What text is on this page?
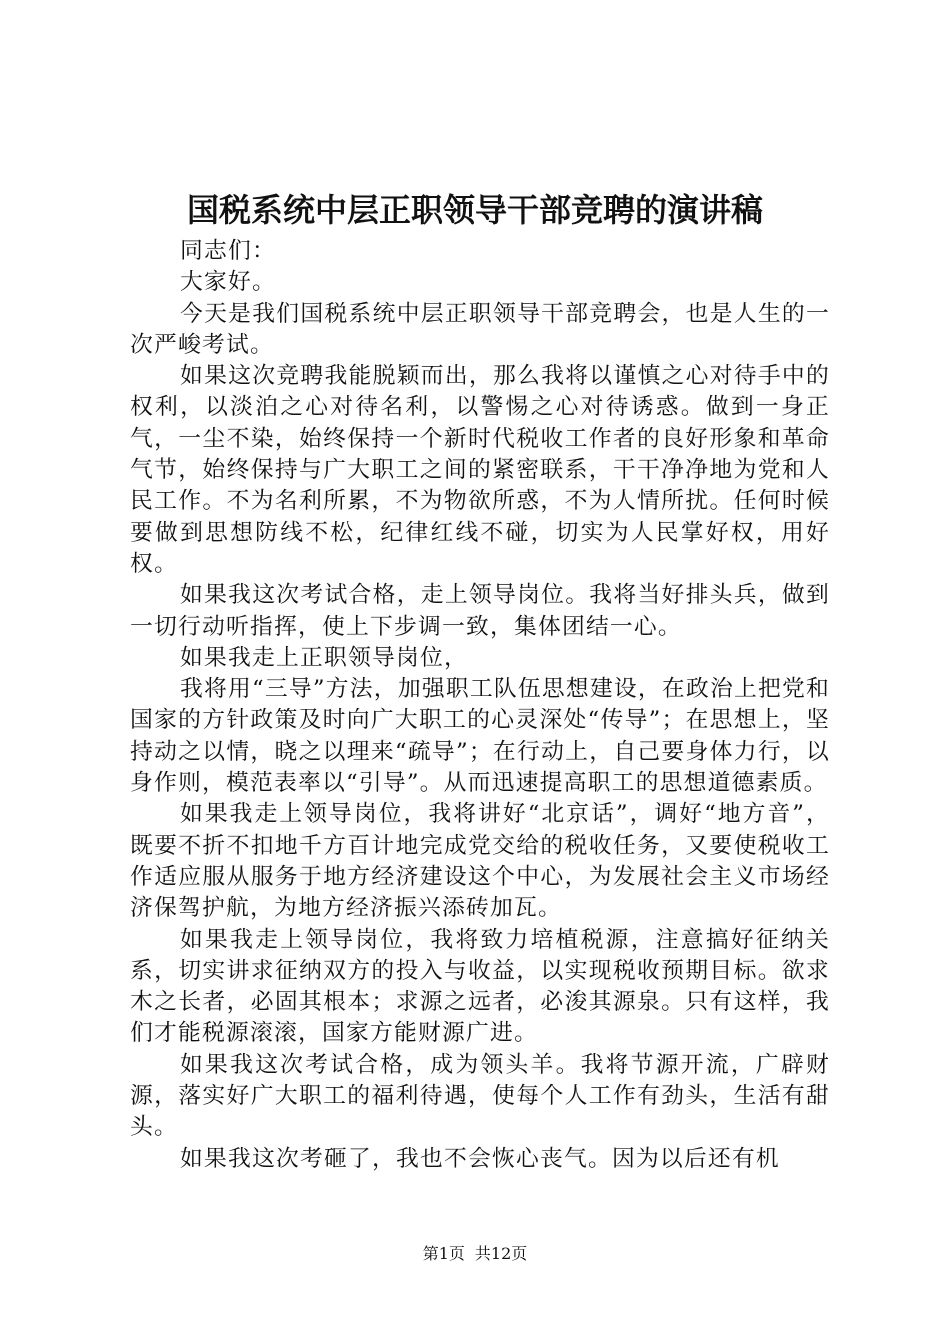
国税系统中层正职领导干部竞聘的演讲稿

同志们：

大家好。

今天是我们国税系统中层正职领导干部竞聘会，也是人生的一次严峻考试。

如果这次竞聘我能脱颖而出，那么我将以谨慎之心对待手中的权利，以淡泊之心对待名利，以警惕之心对待诱惑。做到一身正气，一尘不染，始终保持一个新时代税收工作者的良好形象和革命气节，始终保持与广大职工之间的紧密联系，干干净净地为党和人民工作。不为名利所累，不为物欲所惑，不为人情所扰。任何时候要做到思想防线不松，纪律红线不碰，切实为人民掌好权，用好权。

如果我这次考试合格，走上领导岗位。我将当好排头兵，做到一切行动听指挥，使上下步调一致，集体团结一心。

如果我走上正职领导岗位，

我将用“三导”方法，加强职工队伍思想建设，在政治上把党和国家的方针政策及时向广大职工的心灵深处“传导”；在思想上，坚持动之以情，晓之以理来“疏导”；在行动上，自己要身体力行，以身作则，模范表率以“引导”。从而迅速提高职工的思想道德素质。

如果我走上领导岗位，我将讲好“北京话”，调好“地方音”，既要不折不扣地千方百计地完成党交给的税收任务，又要使税收工作适应服从服务于地方经济建设这个中心，为发展社会主义市场经济保驾护航，为地方经济振兴添砖加瓦。

如果我走上领导岗位，我将致力培植税源，注意搞好征纳关系，切实讲求征纳双方的投入与收益，以实现税收预期目标。欲求木之长者，必固其根本；求源之远者，必浚其源泉。只有这样，我们才能税源滚滚，国家方能财源广进。

如果我这次考试合格，成为领头羊。我将节源开流，广辟财源，落实好广大职工的福利待遇，使每个人工作有劲头，生活有甜头。

如果我这次考砸了，我也不会恢心丧气。因为以后还有机

第1页 共12页
